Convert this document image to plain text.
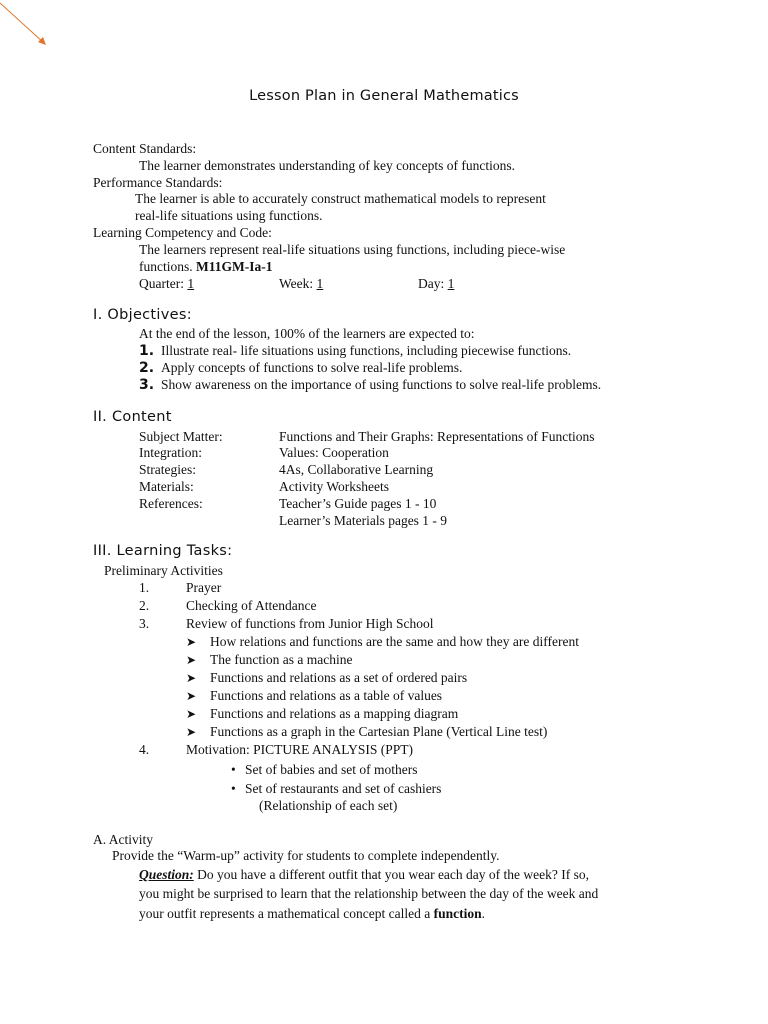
Lesson Plan in General Mathematics
Content Standards:
The learner demonstrates understanding of key concepts of functions.
Performance Standards:
The learner is able to accurately construct mathematical models to represent
real-life situations using functions.
Learning Competency and Code:
The learners represent real-life situations using functions, including piece-wise
functions. M11GM-Ia-1
Quarter: 1	Week: 1	Day: 1
I. Objectives:
At the end of the lesson, 100% of the learners are expected to:
1. Illustrate real- life situations using functions, including piecewise functions.
2. Apply concepts of functions to solve real-life problems.
3. Show awareness on the importance of using functions to solve real-life problems.
II. Content
Subject Matter:	Functions and Their Graphs: Representations of Functions
Integration:	Values: Cooperation
Strategies:	4As, Collaborative Learning
Materials:	Activity Worksheets
References:	Teacher’s Guide pages 1 - 10
Learner’s Materials pages 1 - 9
III. Learning Tasks:
Preliminary Activities
1.	Prayer
2.	Checking of Attendance
3.	Review of functions from Junior High School
➤ How relations and functions are the same and how they are different
➤ The function as a machine
➤ Functions and relations as a set of ordered pairs
➤ Functions and relations as a table of values
➤ Functions and relations as a mapping diagram
➤ Functions as a graph in the Cartesian Plane (Vertical Line test)
4.	Motivation: PICTURE ANALYSIS (PPT)
• Set of babies and set of mothers
• Set of restaurants and set of cashiers
(Relationship of each set)
A. Activity
Provide the “Warm-up” activity for students to complete independently.
Question: Do you have a different outfit that you wear each day of the week? If so,
you might be surprised to learn that the relationship between the day of the week and
your outfit represents a mathematical concept called a function.
